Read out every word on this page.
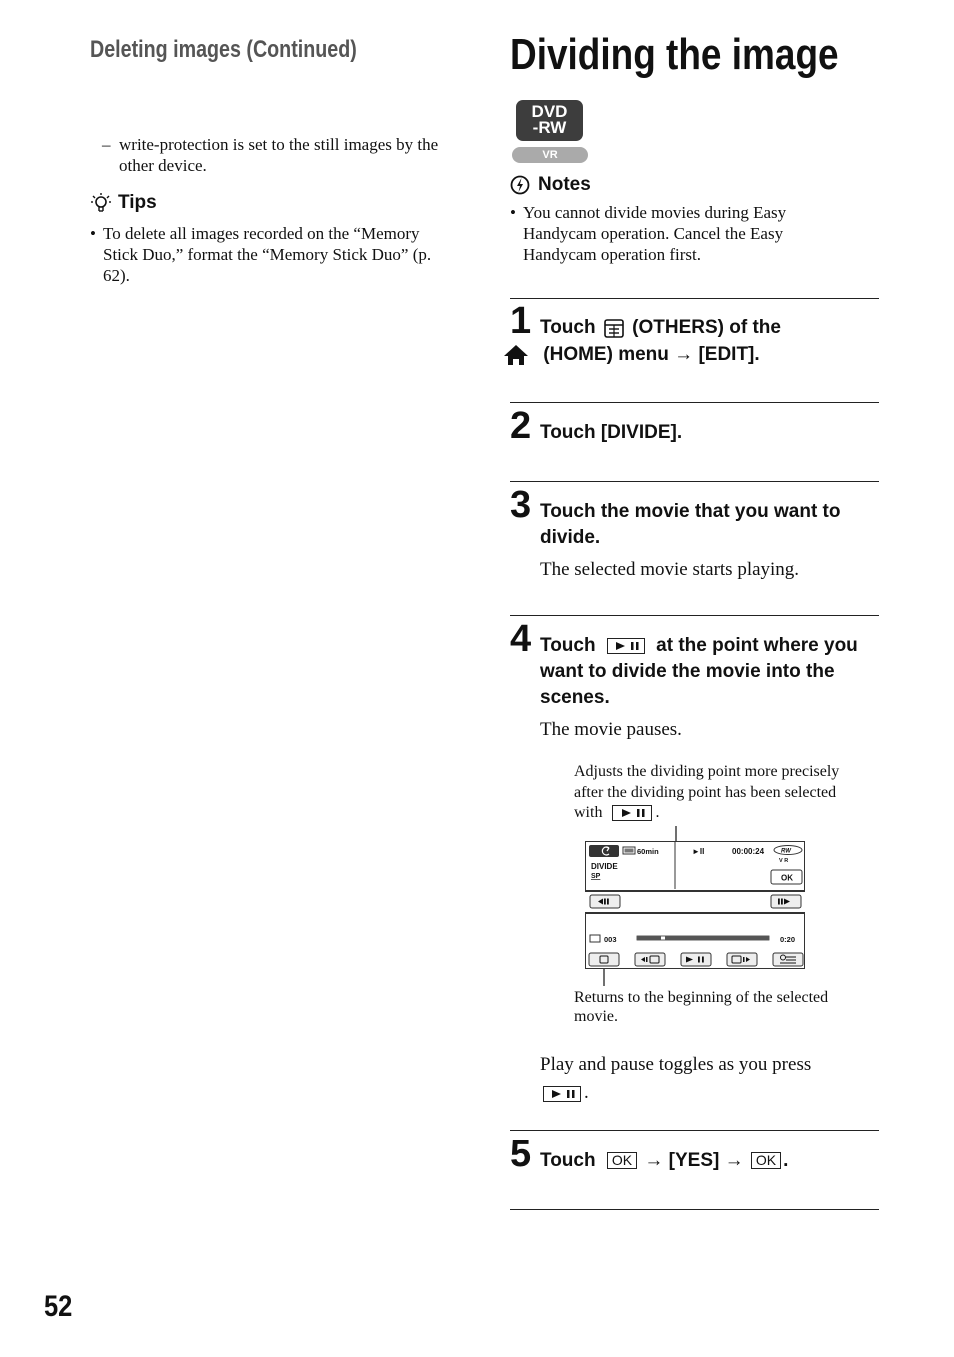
Deleting images (Continued)
– write-protection is set to the still images by the other device.
Tips
• To delete all images recorded on the “Memory Stick Duo,” format the “Memory Stick Duo” (p. 62).
Dividing the image
DVD
-RW
VR
Notes
• You cannot divide movies during Easy Handycam operation. Cancel the Easy Handycam operation first.
1 Touch (OTHERS) of the
(HOME) menu → [EDIT].
2 Touch [DIVIDE].
3 Touch the movie that you want to divide.
The selected movie starts playing.
4 Touch	at the point where you want to divide the movie into the scenes.
The movie pauses.
Adjusts the dividing point more precisely after the dividing point has been selected with	.
60min
DIVIDE
SP
►II	00:00:24	RW
V R
OK
003	0:20
Returns to the beginning of the selected movie.
Play and pause toggles as you press

.
5 Touch OK → [YES] → OK .
52
